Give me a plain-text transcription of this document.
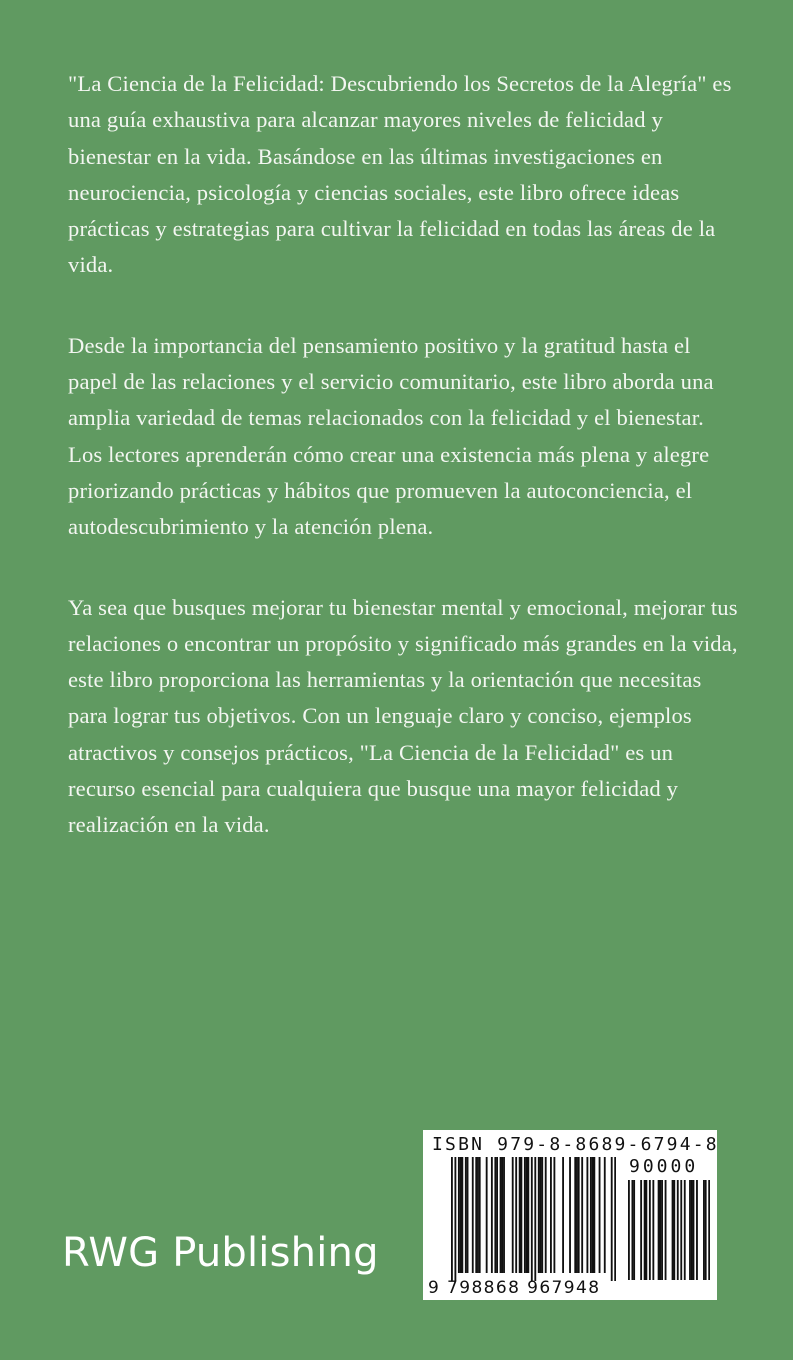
"La Ciencia de la Felicidad: Descubriendo los Secretos de la Alegría" es una guía exhaustiva para alcanzar mayores niveles de felicidad y bienestar en la vida. Basándose en las últimas investigaciones en neurociencia, psicología y ciencias sociales, este libro ofrece ideas prácticas y estrategias para cultivar la felicidad en todas las áreas de la vida.

Desde la importancia del pensamiento positivo y la gratitud hasta el papel de las relaciones y el servicio comunitario, este libro aborda una amplia variedad de temas relacionados con la felicidad y el bienestar. Los lectores aprenderán cómo crear una existencia más plena y alegre priorizando prácticas y hábitos que promueven la autoconciencia, el autodescubrimiento y la atención plena.

Ya sea que busques mejorar tu bienestar mental y emocional, mejorar tus relaciones o encontrar un propósito y significado más grandes en la vida, este libro proporciona las herramientas y la orientación que necesitas para lograr tus objetivos. Con un lenguaje claro y conciso, ejemplos atractivos y consejos prácticos, "La Ciencia de la Felicidad" es un recurso esencial para cualquiera que busque una mayor felicidad y realización en la vida.

RWG Publishing
ISBN 979-8-8689-6794-8
90000
9 798868 967948
